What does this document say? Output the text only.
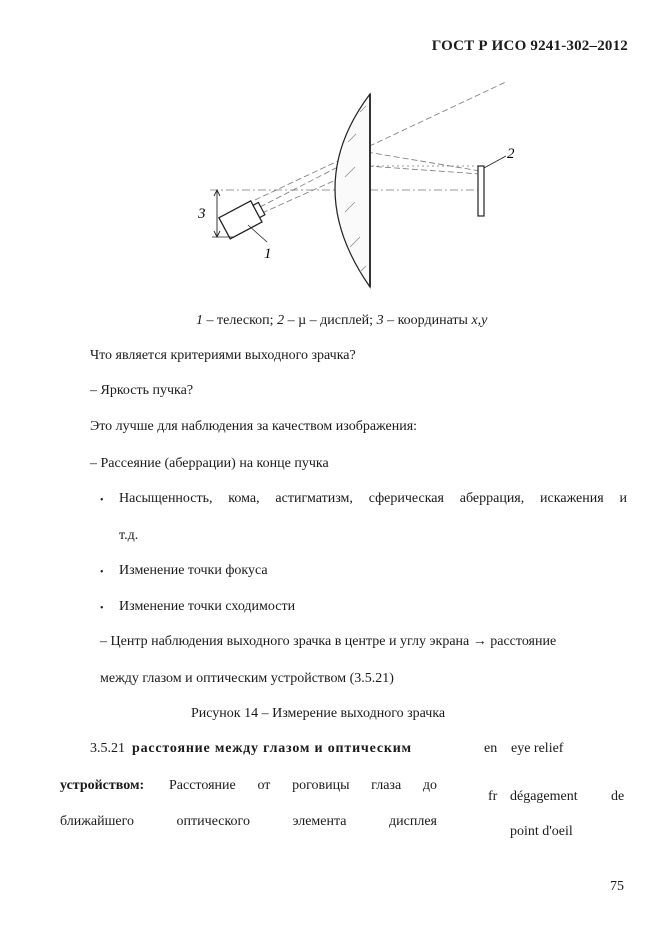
ГОСТ Р ИСО 9241-302–2012
1
2
3
1 – телескоп; 2 – µ – дисплей; 3 – координаты x,y
Что является критериями выходного зрачка?
– Яркость пучка?
Это лучше для наблюдения за качеством изображения:
– Рассеяние (аберрации) на конце пучка
• Насыщенность, кома, астигматизм, сферическая аберрация, искажения и
т.д.
• Изменение точки фокуса
• Изменение точки сходимости
– Центр наблюдения выходного зрачка в центре и углу экрана → расстояние
между глазом и оптическим устройством (3.5.21)
Рисунок 14 – Измерение выходного зрачка
3.5.21 расстояние между глазом и оптическим
устройством: Расстояние от роговицы глаза до
ближайшего оптического элемента дисплея
en eye relief
fr dégagement de
point d'oeil
75
